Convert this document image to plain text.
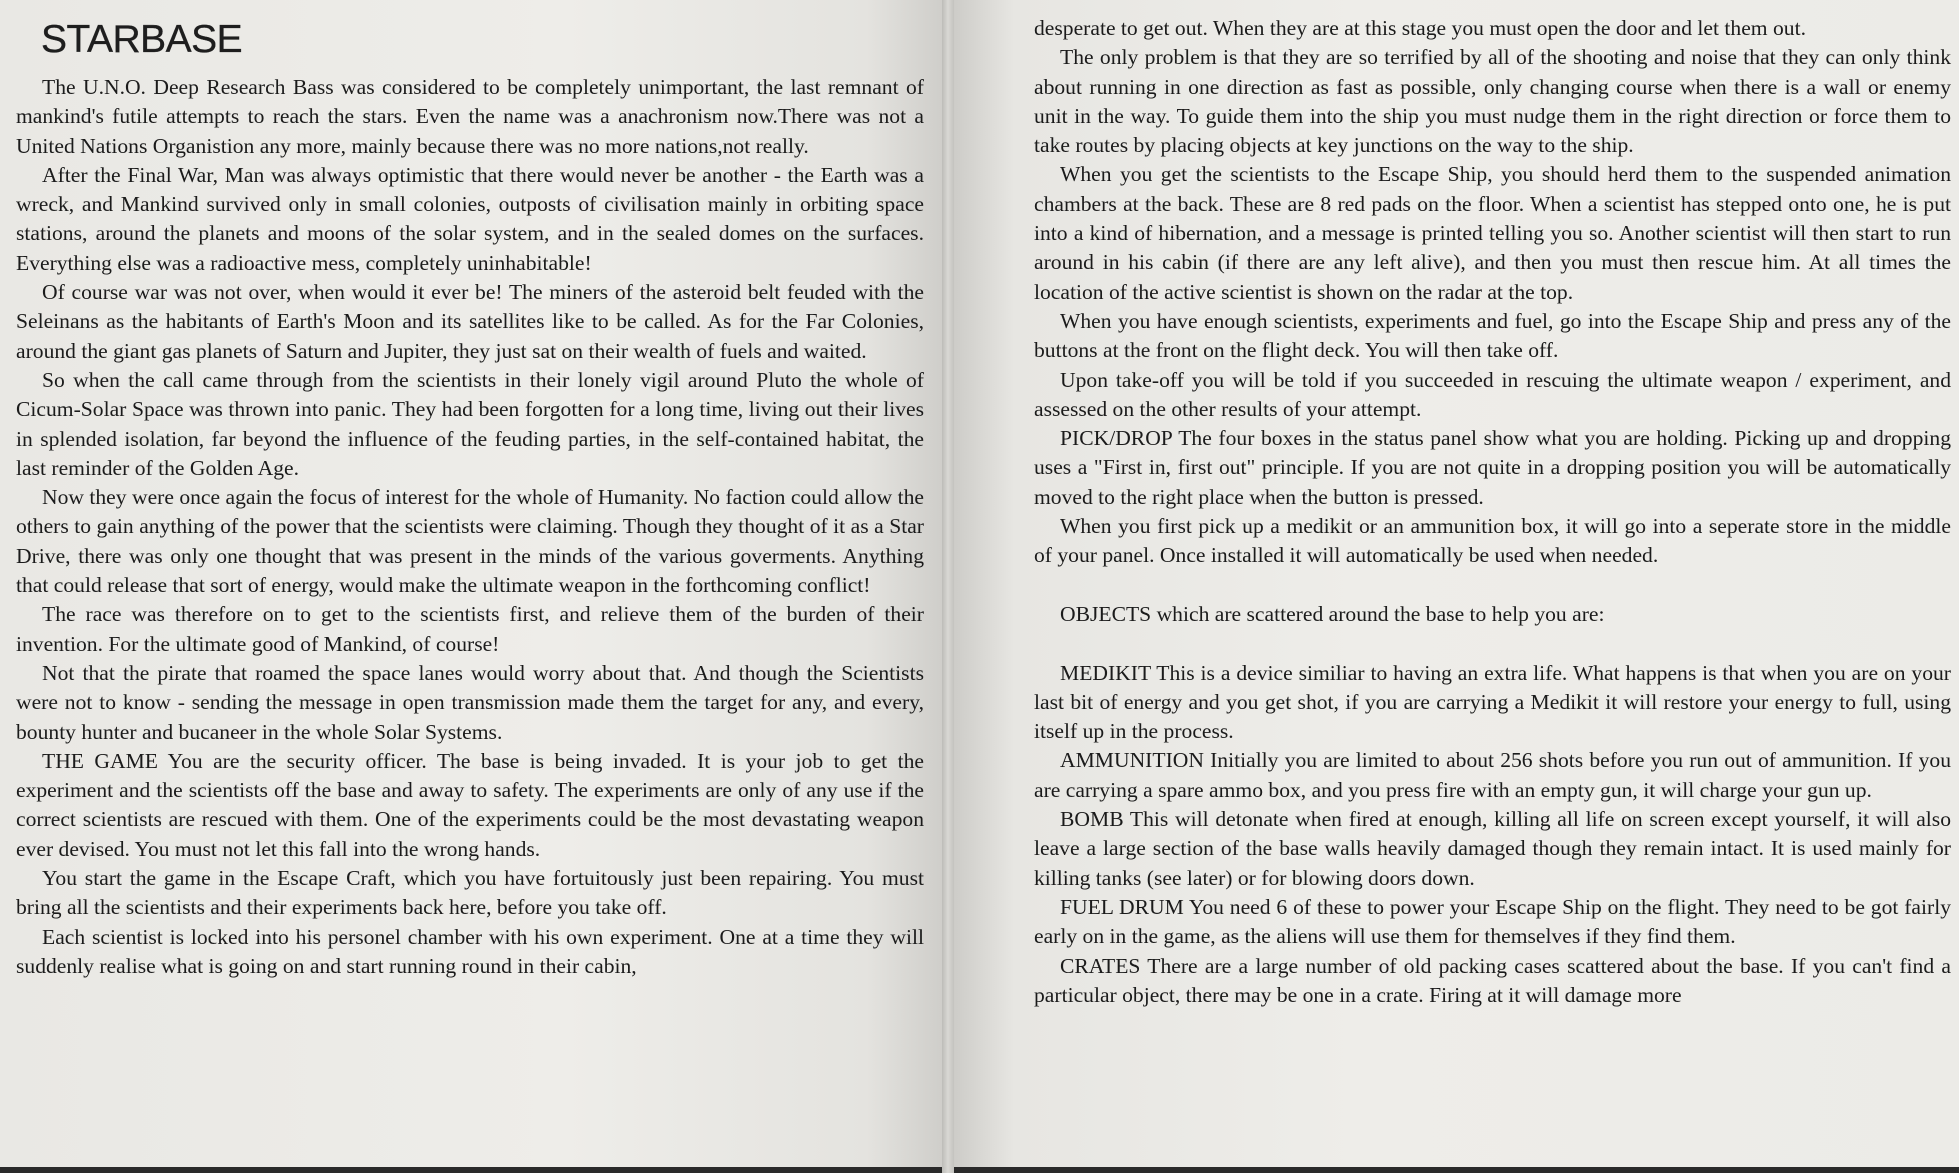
STARBASE

The U.N.O. Deep Research Bass was considered to be completely unimportant, the last remnant of mankind's futile attempts to reach the stars. Even the name was a anachronism now.There was not a United Nations Organistion any more, mainly because there was no more nations,not really.

After the Final War, Man was always optimistic that there would never be another - the Earth was a wreck, and Mankind survived only in small colonies, outposts of civilisation mainly in orbiting space stations, around the planets and moons of the solar system, and in the sealed domes on the surfaces. Everything else was a radioactive mess, completely uninhabitable!

Of course war was not over, when would it ever be! The miners of the asteroid belt feuded with the Seleinans as the habitants of Earth's Moon and its satellites like to be called. As for the Far Colonies, around the giant gas planets of Saturn and Jupiter, they just sat on their wealth of fuels and waited.

So when the call came through from the scientists in their lonely vigil around Pluto the whole of Cicum-Solar Space was thrown into panic. They had been forgotten for a long time, living out their lives in splended isolation, far beyond the influence of the feuding parties, in the self-contained habitat, the last reminder of the Golden Age.

Now they were once again the focus of interest for the whole of Humanity. No faction could allow the others to gain anything of the power that the scientists were claiming. Though they thought of it as a Star Drive, there was only one thought that was present in the minds of the various goverments. Anything that could release that sort of energy, would make the ultimate weapon in the forthcoming conflict!

The race was therefore on to get to the scientists first, and relieve them of the burden of their invention. For the ultimate good of Mankind, of course!

Not that the pirate that roamed the space lanes would worry about that. And though the Scientists were not to know - sending the message in open transmission made them the target for any, and every, bounty hunter and bucaneer in the whole Solar Systems.

THE GAME You are the security officer. The base is being invaded. It is your job to get the experiment and the scientists off the base and away to safety. The experiments are only of any use if the correct scientists are rescued with them. One of the experiments could be the most devastating weapon ever devised. You must not let this fall into the wrong hands.

You start the game in the Escape Craft, which you have fortuitously just been repairing. You must bring all the scientists and their experiments back here, before you take off.

Each scientist is locked into his personel chamber with his own experiment. One at a time they will suddenly realise what is going on and start running round in their cabin,

desperate to get out. When they are at this stage you must open the door and let them out.

The only problem is that they are so terrified by all of the shooting and noise that they can only think about running in one direction as fast as possible, only changing course when there is a wall or enemy unit in the way. To guide them into the ship you must nudge them in the right direction or force them to take routes by placing objects at key junctions on the way to the ship.

When you get the scientists to the Escape Ship, you should herd them to the suspended animation chambers at the back. These are 8 red pads on the floor. When a scientist has stepped onto one, he is put into a kind of hibernation, and a message is printed telling you so. Another scientist will then start to run around in his cabin (if there are any left alive), and then you must then rescue him. At all times the location of the active scientist is shown on the radar at the top.

When you have enough scientists, experiments and fuel, go into the Escape Ship and press any of the buttons at the front on the flight deck. You will then take off.

Upon take-off you will be told if you succeeded in rescuing the ultimate weapon / experiment, and assessed on the other results of your attempt.

PICK/DROP The four boxes in the status panel show what you are holding. Picking up and dropping uses a "First in, first out" principle. If you are not quite in a dropping position you will be automatically moved to the right place when the button is pressed.

When you first pick up a medikit or an ammunition box, it will go into a seperate store in the middle of your panel. Once installed it will automatically be used when needed.

OBJECTS which are scattered around the base to help you are:

MEDIKIT This is a device similiar to having an extra life. What happens is that when you are on your last bit of energy and you get shot, if you are carrying a Medikit it will restore your energy to full, using itself up in the process.

AMMUNITION Initially you are limited to about 256 shots before you run out of ammunition. If you are carrying a spare ammo box, and you press fire with an empty gun, it will charge your gun up.

BOMB This will detonate when fired at enough, killing all life on screen except yourself, it will also leave a large section of the base walls heavily damaged though they remain intact. It is used mainly for killing tanks (see later) or for blowing doors down.

FUEL DRUM You need 6 of these to power your Escape Ship on the flight. They need to be got fairly early on in the game, as the aliens will use them for themselves if they find them.

CRATES There are a large number of old packing cases scattered about the base. If you can't find a particular object, there may be one in a crate. Firing at it will damage more
